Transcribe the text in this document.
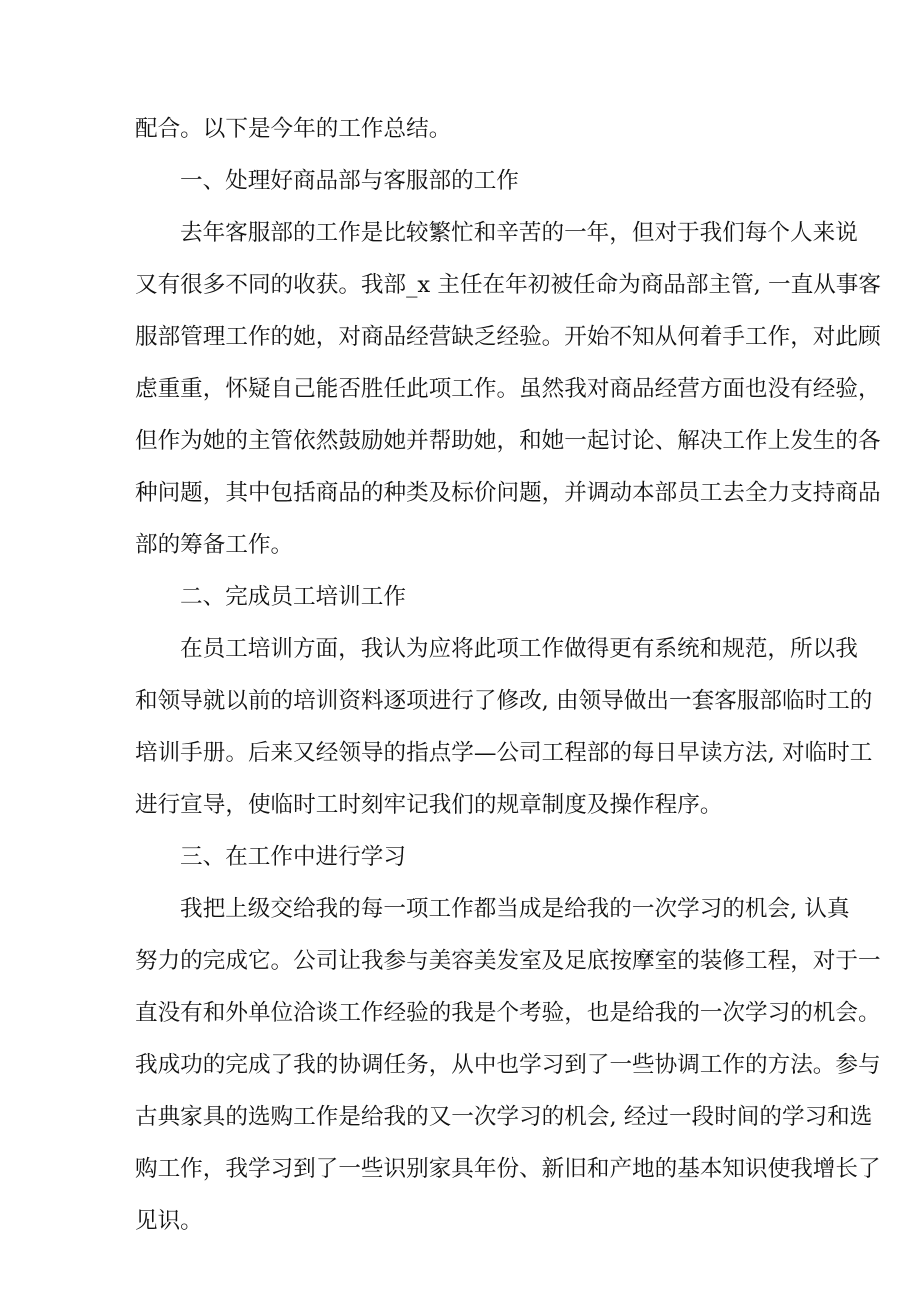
配合。以下是今年的工作总结。
一、处理好商品部与客服部的工作
去年客服部的工作是比较繁忙和辛苦的一年，但对于我们每个人来说
又有很多不同的收获。我部_x 主任在年初被任命为商品部主管, 一直从事客
服部管理工作的她，对商品经营缺乏经验。开始不知从何着手工作，对此顾
虑重重，怀疑自己能否胜任此项工作。虽然我对商品经营方面也没有经验，
但作为她的主管依然鼓励她并帮助她，和她一起讨论、解决工作上发生的各
种问题，其中包括商品的种类及标价问题，并调动本部员工去全力支持商品
部的筹备工作。
二、完成员工培训工作
在员工培训方面，我认为应将此项工作做得更有系统和规范，所以我
和领导就以前的培训资料逐项进行了修改, 由领导做出一套客服部临时工的
培训手册。后来又经领导的指点学—公司工程部的每日早读方法, 对临时工
进行宣导，使临时工时刻牢记我们的规章制度及操作程序。
三、在工作中进行学习
我把上级交给我的每一项工作都当成是给我的一次学习的机会, 认真
努力的完成它。公司让我参与美容美发室及足底按摩室的装修工程，对于一
直没有和外单位洽谈工作经验的我是个考验，也是给我的一次学习的机会。
我成功的完成了我的协调任务，从中也学习到了一些协调工作的方法。参与
古典家具的选购工作是给我的又一次学习的机会, 经过一段时间的学习和选
购工作，我学习到了一些识别家具年份、新旧和产地的基本知识使我增长了
见识。
